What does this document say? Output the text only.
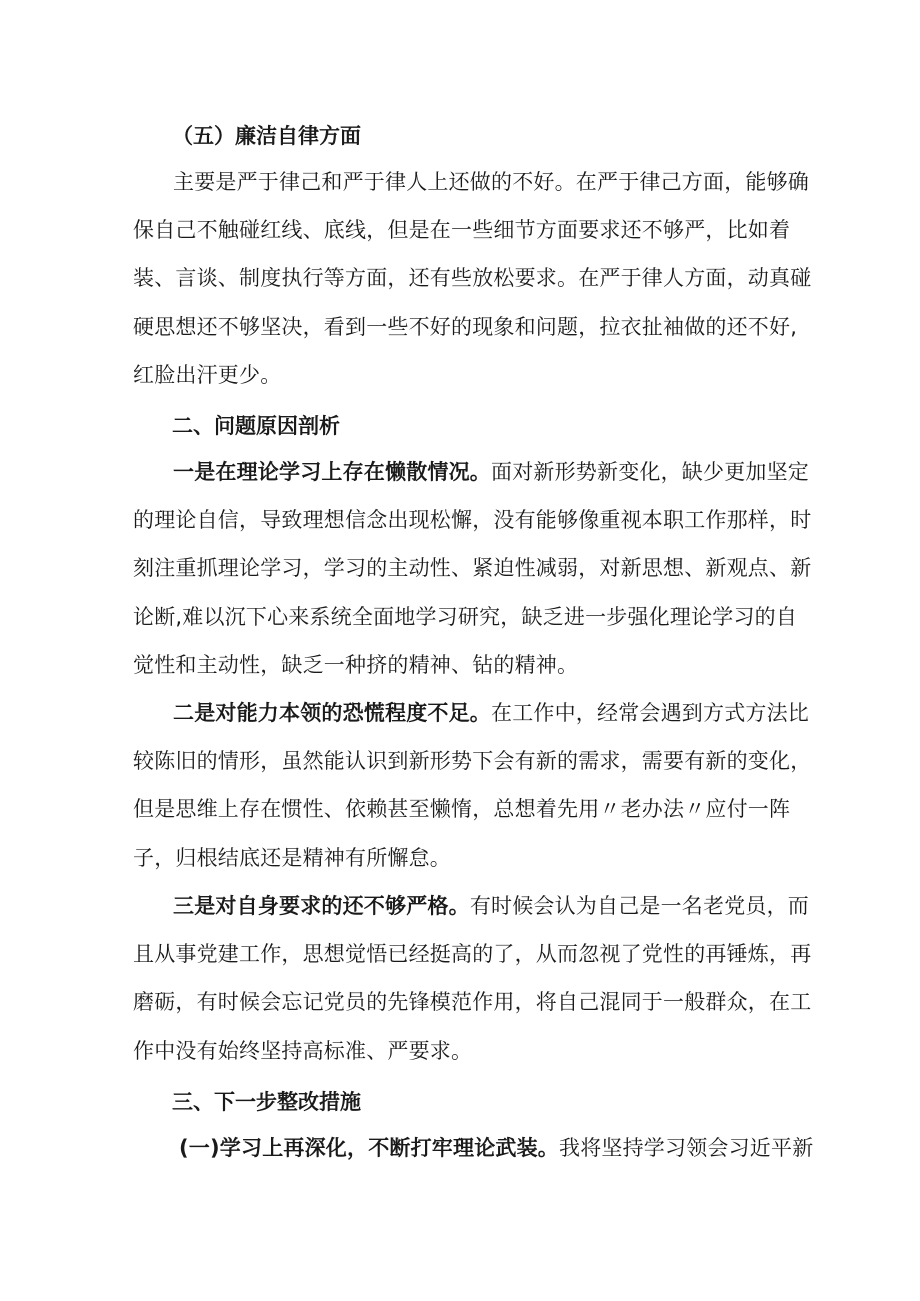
（五）廉洁自律方面
主要是严于律己和严于律人上还做的不好。在严于律己方面，能够确
保自己不触碰红线、底线，但是在一些细节方面要求还不够严，比如着
装、言谈、制度执行等方面，还有些放松要求。在严于律人方面，动真碰
硬思想还不够坚决，看到一些不好的现象和问题，拉衣扯袖做的还不好,
红脸出汗更少。
二、问题原因剖析
一是在理论学习上存在懒散情况。面对新形势新变化，缺少更加坚定
的理论自信，导致理想信念出现松懈，没有能够像重视本职工作那样，时
刻注重抓理论学习，学习的主动性、紧迫性减弱，对新思想、新观点、新
论断,难以沉下心来系统全面地学习研究，缺乏进一步强化理论学习的自
觉性和主动性，缺乏一种挤的精神、钻的精神。
二是对能力本领的恐慌程度不足。在工作中，经常会遇到方式方法比
较陈旧的情形，虽然能认识到新形势下会有新的需求，需要有新的变化，
但是思维上存在惯性、依赖甚至懒惰，总想着先用〃老办法〃应付一阵
子，归根结底还是精神有所懈怠。
三是对自身要求的还不够严格。有时候会认为自己是一名老党员，而
且从事党建工作，思想觉悟已经挺高的了，从而忽视了党性的再锤炼，再
磨砺，有时候会忘记党员的先锋模范作用，将自己混同于一般群众，在工
作中没有始终坚持高标准、严要求。
三、下一步整改措施
(一)学习上再深化，不断打牢理论武装。我将坚持学习领会习近平新
